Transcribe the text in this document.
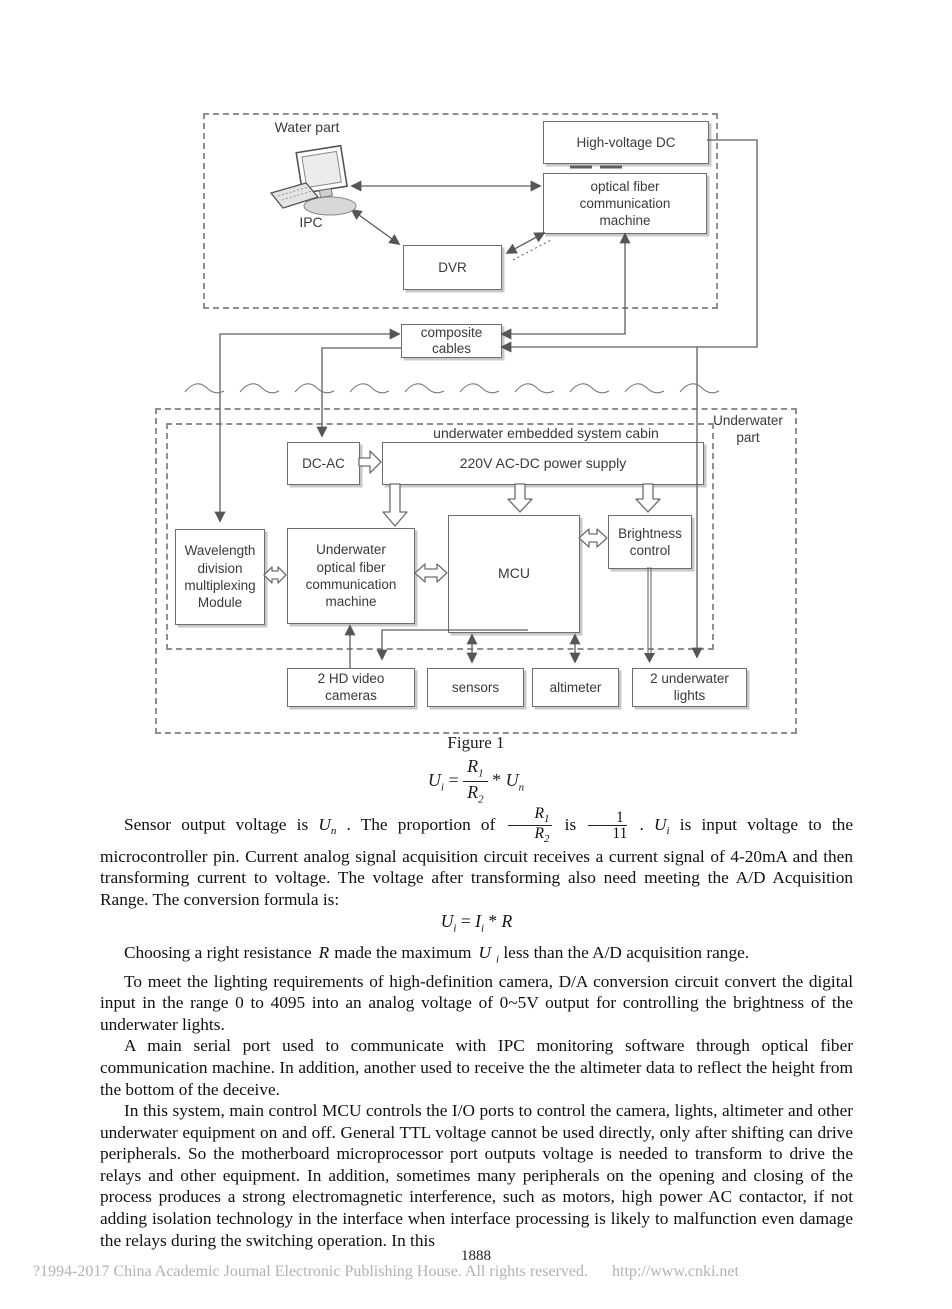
Water part
IPC
underwater embedded system cabin
Underwater
part
High-voltage DC
optical fiber
communication
machine
DVR
composite
cables
DC-AC	220V AC-DC power supply
Wavelength
division
multiplexing
Module
Underwater
optical fiber
communication
machine
MCU
Brightness
control
2 HD video
cameras
sensors	altimeter
2 underwater
lights
Figure 1
$U_i = \frac{R_1}{R_2} * U_n$

Sensor output voltage is $U_n$ . The proportion of $\frac{R_1}{R_2}$ is $\frac{1}{11}$ . $U_i$ is input voltage to the microcontroller pin. Current analog signal acquisition circuit receives a current signal of 4-20mA and then transforming current to voltage. The voltage after transforming also need meeting the A/D Acquisition Range. The conversion formula is:

$U_i = I_i * R$

Choosing a right resistance R made the maximum U $_i$ less than the A/D acquisition range.

To meet the lighting requirements of high-definition camera, D/A conversion circuit convert the digital input in the range 0 to 4095 into an analog voltage of 0~5V output for controlling the brightness of the underwater lights.

A main serial port used to communicate with IPC monitoring software through optical fiber communication machine. In addition, another used to receive the the altimeter data to reflect the height from the bottom of the deceive.

In this system, main control MCU controls the I/O ports to control the camera, lights, altimeter and other underwater equipment on and off. General TTL voltage cannot be used directly, only after shifting can drive peripherals. So the motherboard microprocessor port outputs voltage is needed to transform to drive the relays and other equipment. In addition, sometimes many peripherals on the opening and closing of the process produces a strong electromagnetic interference, such as motors, high power AC contactor, if not adding isolation technology in the interface when interface processing is likely to malfunction even damage the relays during the switching operation. In this

1888
?1994-2017 China Academic Journal Electronic Publishing House. All rights reserved. http://www.cnki.net
